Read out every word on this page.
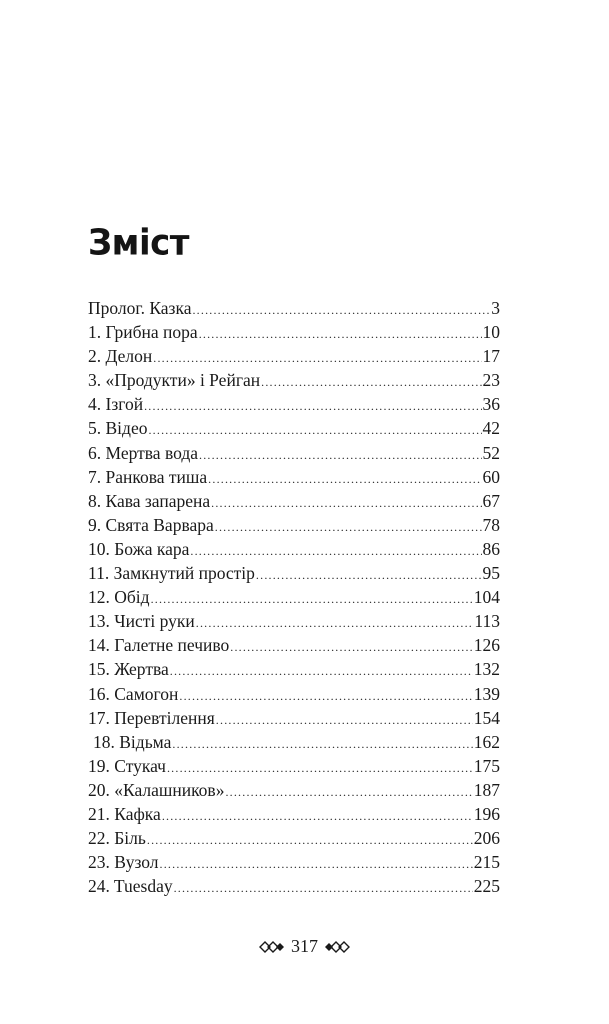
Зміст
Пролог. Казка .....	3
1. Грибна пора .....	10
2. Делон .....	17
3. «Продукти» і Рейган .....	23
4. Ізгой .....	36
5. Відео .....	42
6. Мертва вода .....	52
7. Ранкова тиша .....	60
8. Кава запарена .....	67
9. Свята Варвара .....	78
10. Божа кара .....	86
11. Замкнутий простір .....	95
12. Обід .....	104
13. Чисті руки .....	113
14. Галетне печиво .....	126
15. Жертва .....	132
16. Самогон .....	139
17. Перевтілення .....	154
18. Відьма .....	162
19. Стукач .....	175
20. «Калашников» .....	187
21. Кафка .....	196
22. Біль .....	206
23. Вузол .....	215
24. Tuesday .....	225
317
